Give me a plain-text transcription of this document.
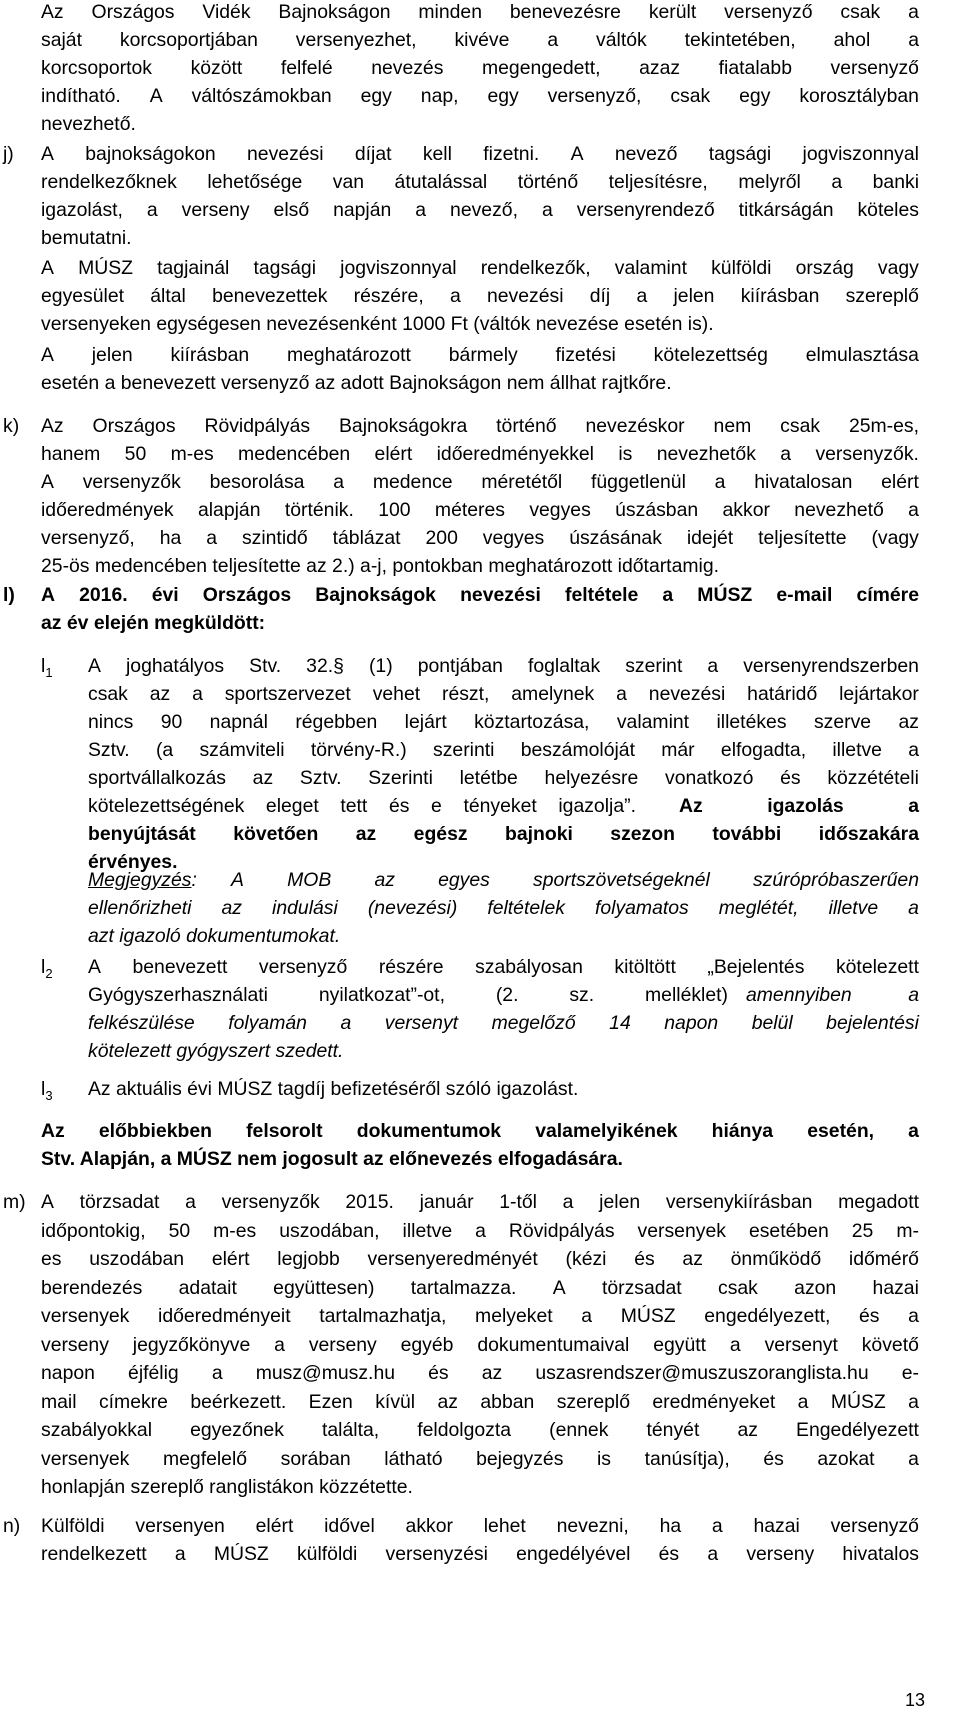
Az Országos Vidék Bajnokságon minden benevezésre került versenyző csak a
saját korcsoportjában versenyezhet, kivéve a váltók tekintetében, ahol a
korcsoportok között felfelé nevezés megengedett, azaz fiatalabb versenyző
indítható. A váltószámokban egy nap, egy versenyző, csak egy korosztályban
nevezhető.
j) A bajnokságokon nevezési díjat kell fizetni. A nevező tagsági jogviszonnyal
rendelkezőknek lehetősége van átutalással történő teljesítésre, melyről a banki
igazolást, a verseny első napján a nevező, a versenyrendező titkárságán köteles
bemutatni.
A MÚSZ tagjainál tagsági jogviszonnyal rendelkezők, valamint külföldi ország vagy
egyesület által benevezettek részére, a nevezési díj a jelen kiírásban szereplő
versenyeken egységesen nevezésenként 1000 Ft (váltók nevezése esetén is).
A jelen kiírásban meghatározott bármely fizetési kötelezettség elmulasztása
esetén a benevezett versenyző az adott Bajnokságon nem állhat rajtkőre.
k) Az Országos Rövidpályás Bajnokságokra történő nevezéskor nem csak 25m-es,
hanem 50 m-es medencében elért időeredményekkel is nevezhetők a versenyzők.
A versenyzők besorolása a medence méretétől függetlenül a hivatalosan elért
időeredmények alapján történik. 100 méteres vegyes úszásban akkor nevezhető a
versenyző, ha a szintidő táblázat 200 vegyes úszásának idejét teljesítette (vagy
25-ös medencében teljesítette az 2.) a-j, pontokban meghatározott időtartamig.
l) A 2016. évi Országos Bajnokságok nevezési feltétele a MÚSZ e-mail címére
az év elején megküldött:
$l_1$ A joghatályos Stv. 32.§ (1) pontjában foglaltak szerint a versenyrendszerben
csak az a sportszervezet vehet részt, amelynek a nevezési határidő lejártakor
nincs 90 napnál régebben lejárt köztartozása, valamint illetékes szerve az
Sztv. (a számviteli törvény-R.) szerinti beszámolóját már elfogadta, illetve a
sportvállalkozás az Sztv. Szerinti letétbe helyezésre vonatkozó és közzétételi
kötelezettségének eleget tett és e tényeket igazolja”. Az	igazolás	a
benyújtását követően az egész bajnoki szezon további időszakára
érvényes.
Megjegyzés: A MOB az egyes sportszövetségeknél szúrópróbaszerűen
ellenőrizheti az indulási (nevezési) feltételek folyamatos meglétét, illetve a
azt igazoló dokumentumokat.
$l_2$ A benevezett versenyző részére szabályosan kitöltött „Bejelentés kötelezett
Gyógyszerhasználati	nyilatkozat”-ot,	(2.	sz.	melléklet) amennyiben	a
felkészülése folyamán a versenyt megelőző 14 napon belül bejelentési
kötelezett gyógyszert szedett.
$l_3$ Az aktuális évi MÚSZ tagdíj befizetéséről szóló igazolást.
Az előbbiekben felsorolt dokumentumok valamelyikének hiánya esetén, a
Stv. Alapján, a MÚSZ nem jogosult az előnevezés elfogadására.
m) A törzsadat a versenyzők 2015. január 1-től a jelen versenykiírásban megadott
időpontokig, 50 m-es uszodában, illetve a Rövidpályás versenyek esetében 25 m-
es uszodában elért legjobb versenyeredményét (kézi és az önműködő időmérő
berendezés adatait együttesen) tartalmazza. A törzsadat csak azon hazai
versenyek időeredményeit tartalmazhatja, melyeket a MÚSZ engedélyezett, és a
verseny jegyzőkönyve a verseny egyéb dokumentumaival együtt a versenyt követő
napon éjfélig a musz@musz.hu és az uszasrendszer@muszuszoranglista.hu e-
mail címekre beérkezett. Ezen kívül az abban szereplő eredményeket a MÚSZ a
szabályokkal egyezőnek találta, feldolgozta (ennek tényét az Engedélyezett
versenyek megfelelő sorában látható bejegyzés is tanúsítja), és azokat a
honlapján szereplő ranglistákon közzétette.
n) Külföldi versenyen elért idővel akkor lehet nevezni, ha a hazai versenyző
rendelkezett a MÚSZ külföldi versenyzési engedélyével és a verseny hivatalos
13
